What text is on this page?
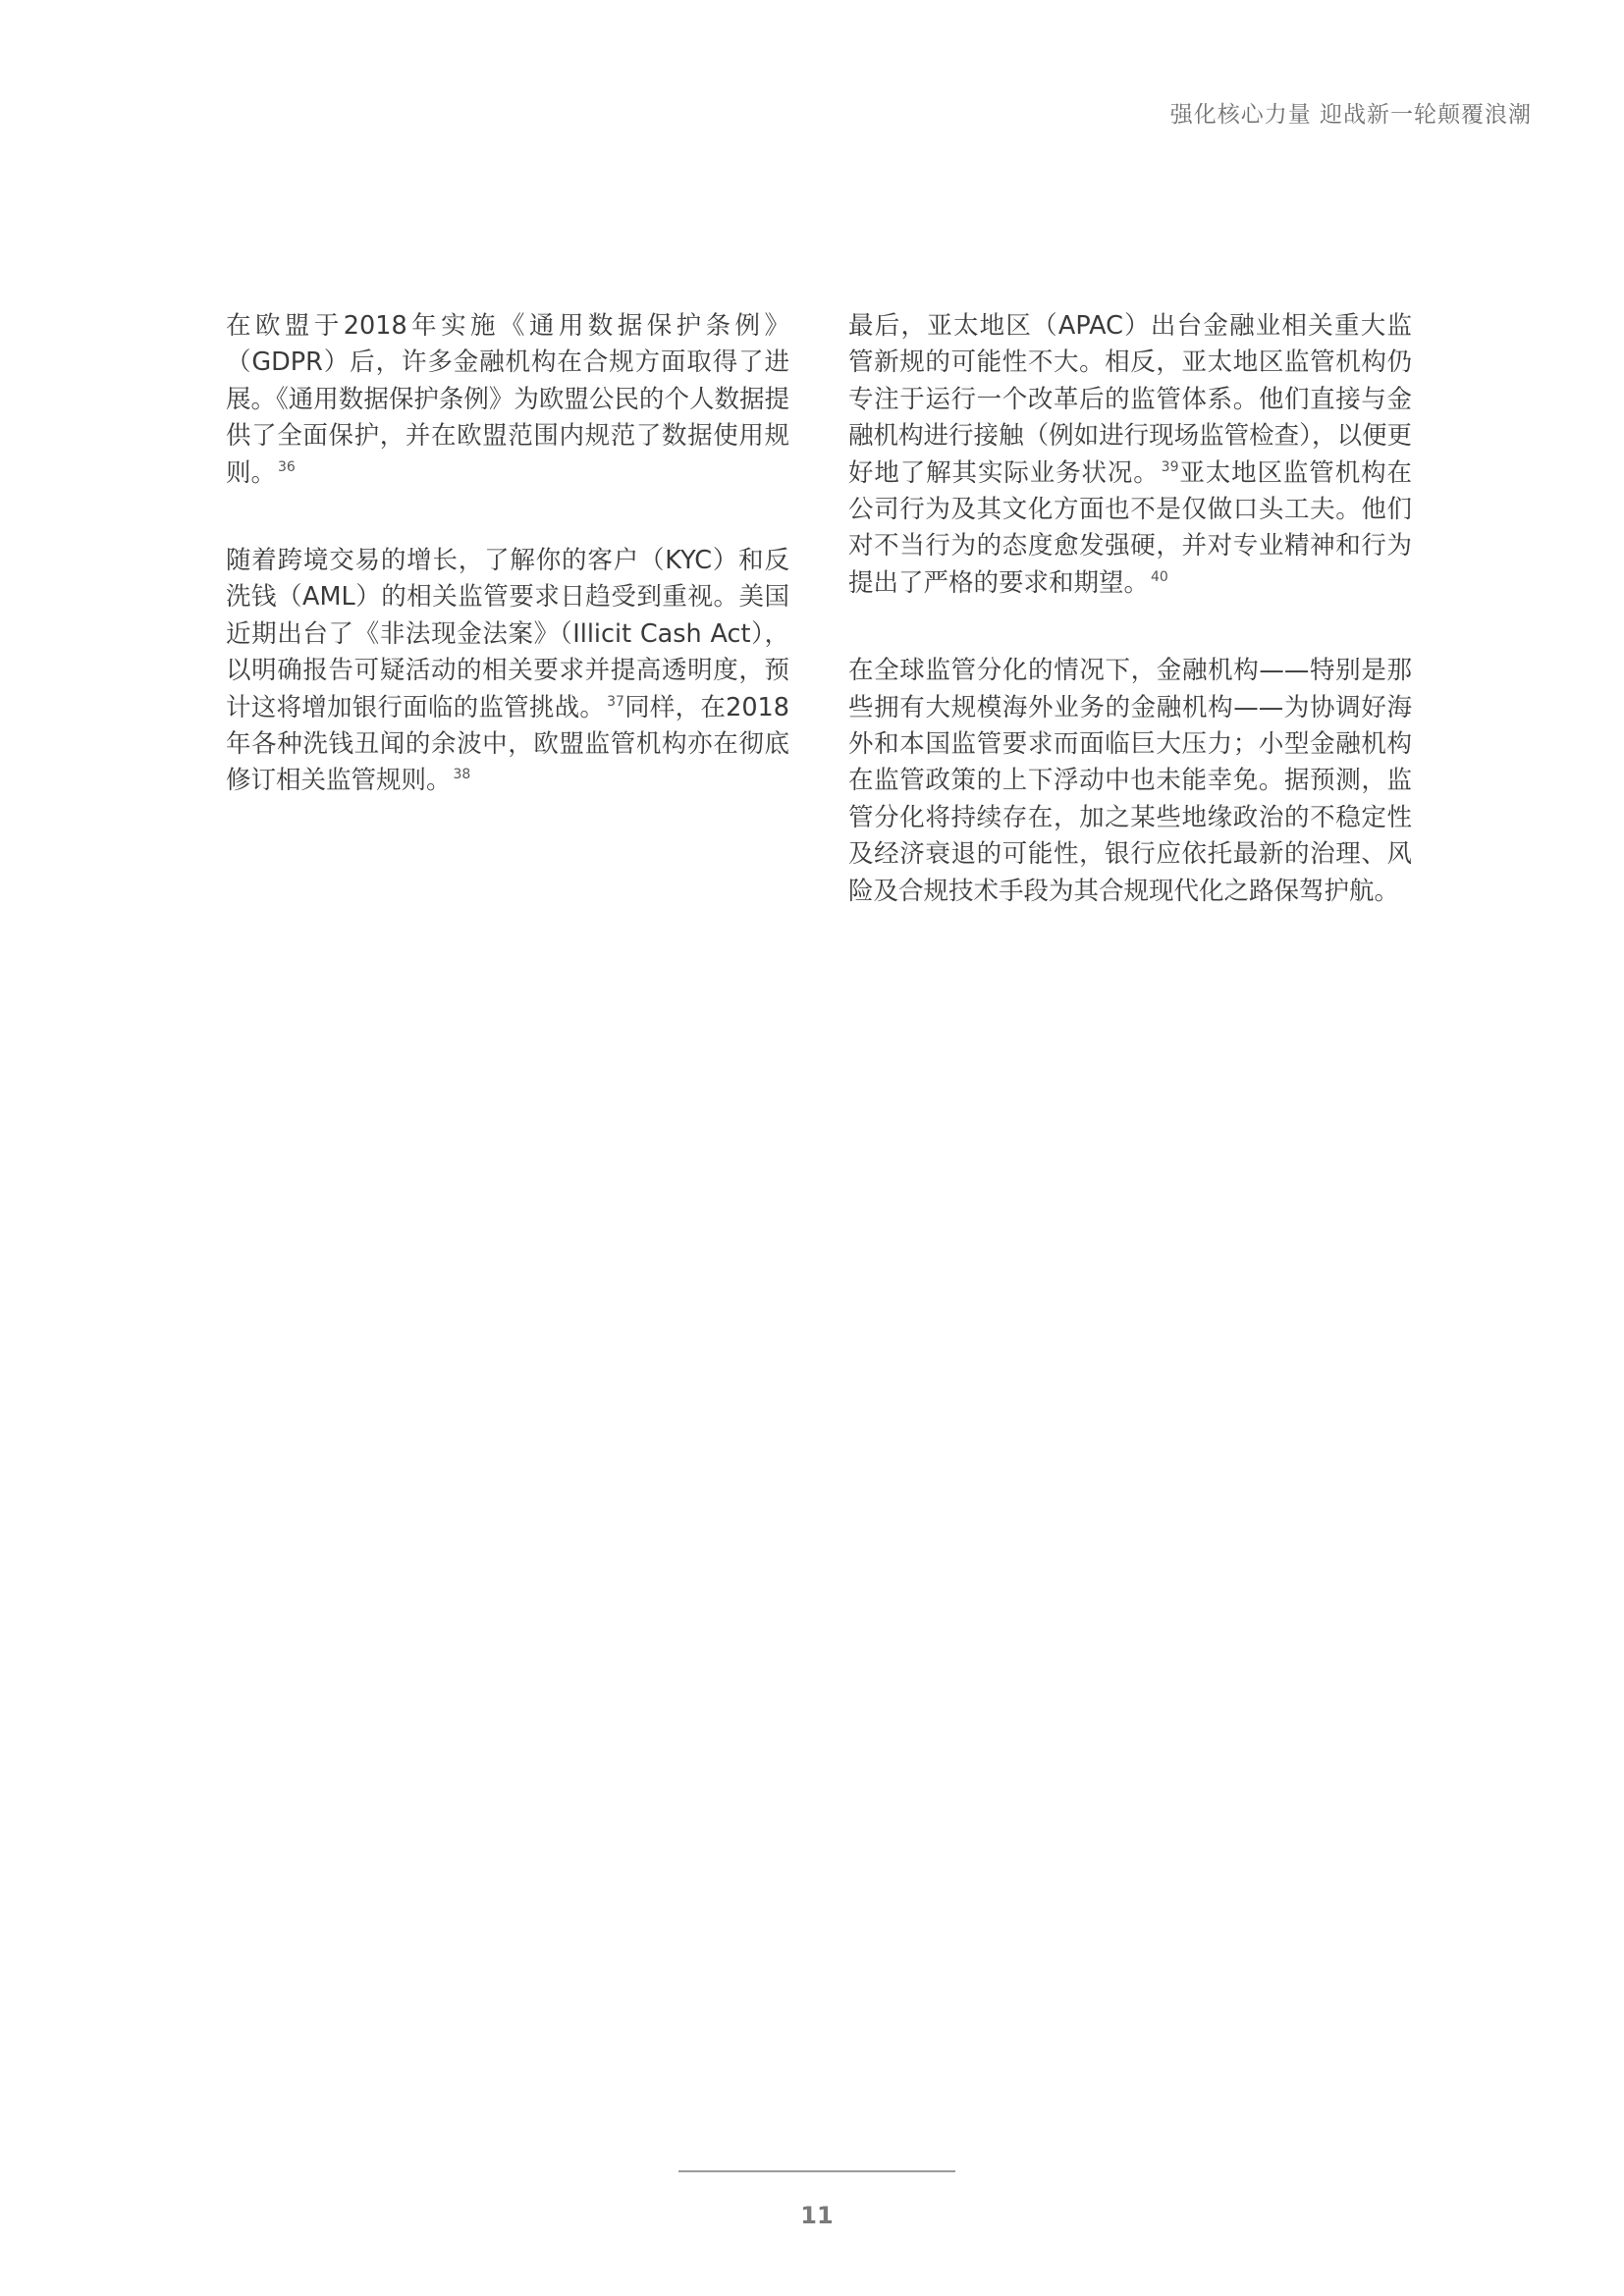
强化核心力量 迎战新一轮颠覆浪潮

在欧盟于2018年实施《通用数据保护条例》（GDPR）后，许多金融机构在合规方面取得了进展。《通用数据保护条例》为欧盟公民的个人数据提供了全面保护，并在欧盟范围内规范了数据使用规则。 $^{36}$

随着跨境交易的增长，了解你的客户（KYC）和反洗钱（AML）的相关监管要求日趋受到重视。美国近期出台了《非法现金法案》（Illicit Cash Act），以明确报告可疑活动的相关要求并提高透明度，预计这将增加银行面临的监管挑战。 $^{37}$同样，在2018年各种洗钱丑闻的余波中，欧盟监管机构亦在彻底修订相关监管规则。 $^{38}$

最后，亚太地区（APAC）出台金融业相关重大监管新规的可能性不大。相反，亚太地区监管机构仍专注于运行一个改革后的监管体系。他们直接与金融机构进行接触（例如进行现场监管检查），以便更好地了解其实际业务状况。 $^{39}$亚太地区监管机构在公司行为及其文化方面也不是仅做口头工夫。他们对不当行为的态度愈发强硬，并对专业精神和行为提出了严格的要求和期望。 $^{40}$

在全球监管分化的情况下，金融机构——特别是那些拥有大规模海外业务的金融机构——为协调好海外和本国监管要求而面临巨大压力；小型金融机构在监管政策的上下浮动中也未能幸免。据预测，监管分化将持续存在，加之某些地缘政治的不稳定性及经济衰退的可能性，银行应依托最新的治理、风险及合规技术手段为其合规现代化之路保驾护航。

11
